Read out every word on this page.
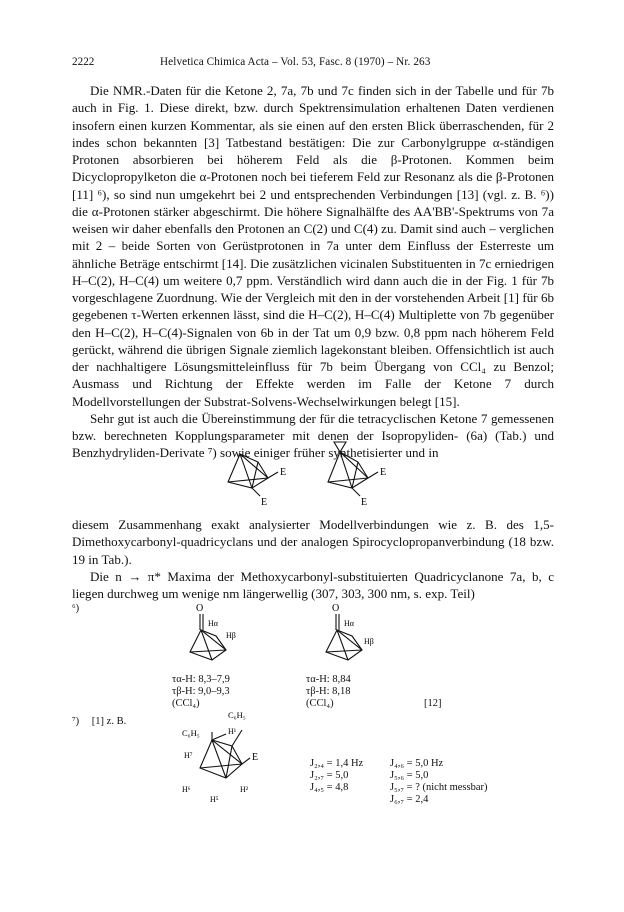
2222	Helvetica Chimica Acta – Vol. 53, Fasc. 8 (1970) – Nr. 263

Die NMR.-Daten für die Ketone 2, 7a, 7b und 7c finden sich in der Tabelle und für 7b auch in Fig. 1. Diese direkt, bzw. durch Spektrensimulation erhaltenen Daten verdienen insofern einen kurzen Kommentar, als sie einen auf den ersten Blick überraschenden, für 2 indes schon bekannten [3] Tatbestand bestätigen: Die zur Carbonylgruppe α-ständigen Protonen absorbieren bei höherem Feld als die β-Protonen. Kommen beim Dicyclopropylketon die α-Protonen noch bei tieferem Feld zur Resonanz als die β-Protonen [11] ⁶), so sind nun umgekehrt bei 2 und entsprechenden Verbindungen [13] (vgl. z. B. ⁶)) die α-Protonen stärker abgeschirmt. Die höhere Signalhälfte des AA'BB'-Spektrums von 7a weisen wir daher ebenfalls den Protonen an C(2) und C(4) zu. Damit sind auch – verglichen mit 2 – beide Sorten von Gerüstprotonen in 7a unter dem Einfluss der Esterreste um ähnliche Beträge entschirmt [14]. Die zusätzlichen vicinalen Substituenten in 7c erniedrigen H–C(2), H–C(4) um weitere 0,7 ppm. Verständlich wird dann auch die in der Fig. 1 für 7b vorgeschlagene Zuordnung. Wie der Vergleich mit den in der vorstehenden Arbeit [1] für 6b gegebenen τ-Werten erkennen lässt, sind die H–C(2), H–C(4) Multiplette von 7b gegenüber den H–C(2), H–C(4)-Signalen von 6b in der Tat um 0,9 bzw. 0,8 ppm nach höherem Feld gerückt, während die übrigen Signale ziemlich lagekonstant bleiben. Offensichtlich ist auch der nachhaltigere Lösungsmitteleinfluss für 7b beim Übergang von CCl₄ zu Benzol; Ausmass und Richtung der Effekte werden im Falle der Ketone 7 durch Modellvorstellungen der Substrat-Solvens-Wechselwirkungen belegt [15].

Sehr gut ist auch die Übereinstimmung der für die tetracyclischen Ketone 7 gemessenen bzw. berechneten Kopplungsparameter mit denen der Isopropyliden- (6a) (Tab.) und Benzhydryliden-Derivate ⁷) sowie einiger früher synthetisierter und in

E
E
E
E

diesem Zusammenhang exakt analysierter Modellverbindungen wie z. B. des 1,5-Dimethoxycarbonyl-quadricyclans und der analogen Spirocyclopropanverbindung (18 bzw. 19 in Tab.).

Die n → π* Maxima der Methoxycarbonyl-substituierten Quadricyclanone 7a, b, c liegen durchweg um wenige nm längerwellig (307, 303, 300 nm, s. exp. Teil)

⁶)	O
Hα
Hβ
O
Hα
Hβ
τα-H: 8,3–7,9
τβ-H: 9,0–9,3
(CCl₄)
τα-H: 8,84
τβ-H: 8,18
(CCl₄)	[12]
⁷) [1] z. B.
C₆H₅
C₆H₅	H¹
H⁷	E
H⁶
H⁵
H²
J₂,₄ = 1,4 Hz
J₂,₇ = 5,0
J₄,₅ = 4,8
J₄,₆ = 5,0 Hz
J₅,₆ = 5,0
J₅,₇ = ? (nicht messbar)
J₆,₇ = 2,4
